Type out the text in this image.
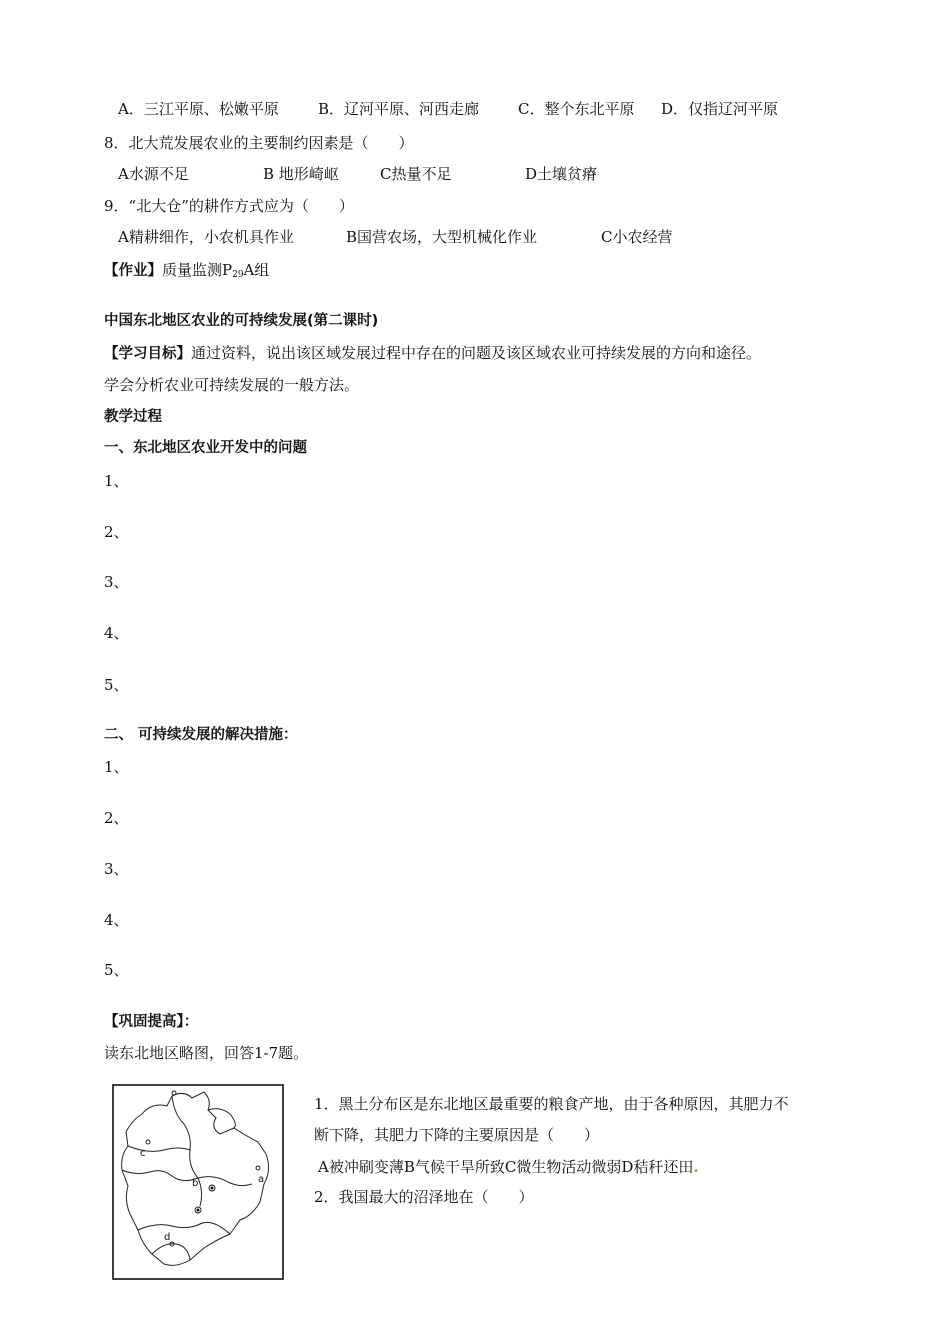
A．三江平原、松嫩平原	B．辽河平原、河西走廊	C．整个东北平原 D．仅指辽河平原
8．北大荒发展农业的主要制约因素是（　　）
A水源不足	B 地形崎岖	C热量不足	D土壤贫瘠
9．“北大仓”的耕作方式应为（　　）
A精耕细作，小农机具作业	B国营农场，大型机械化作业	C小农经营
【作业】质量监测$P_{29}A$组
中国东北地区农业的可持续发展(第二课时)
【学习目标】通过资料，说出该区域发展过程中存在的问题及该区域农业可持续发展的方向和途径。
学会分析农业可持续发展的一般方法。
教学过程
一、东北地区农业开发中的问题
1、
2、
3、
4、
5、
二、 可持续发展的解决措施：
1、
2、
3、
4、
5、
【巩固提高】：
读东北地区略图，回答1-7题。
a
b
c
d
1．黑土分布区是东北地区最重要的粮食产地，由于各种原因，其肥力不
断下降，其肥力下降的主要原因是（　　）
A被冲刷变薄B气候干旱所致C微生物活动微弱D秸秆还田.
2．我国最大的沼泽地在（　　）
